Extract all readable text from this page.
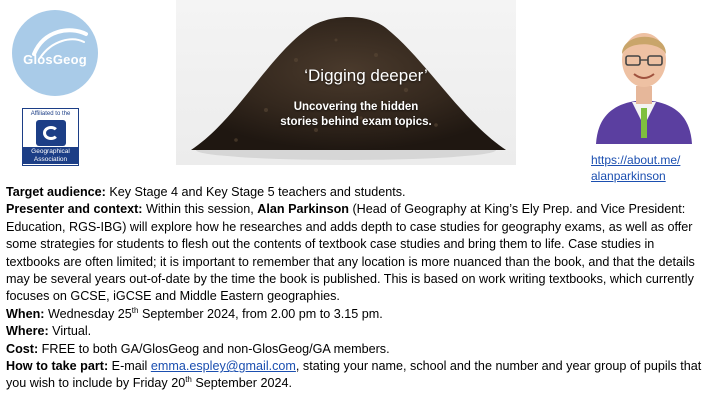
GlosGeog
Affiliated to the
Geographical
Association
‘Digging deeper’
Uncovering the hidden
stories behind exam topics.
https://about.me/
alanparkinson

Target audience: Key Stage 4 and Key Stage 5 teachers and students.

Presenter and context: Within this session, Alan Parkinson (Head of Geography at King’s Ely Prep. and Vice President: Education, RGS-IBG) will explore how he researches and adds depth to case studies for geography exams, as well as offer some strategies for students to flesh out the contents of textbook case studies and bring them to life. Case studies in textbooks are often limited; it is important to remember that any location is more nuanced than the book, and that the details may be several years out-of-date by the time the book is published. This is based on work writing textbooks, which currently focuses on GCSE, iGCSE and Middle Eastern geographies.

When: Wednesday 25th September 2024, from 2.00 pm to 3.15 pm.

Where: Virtual.

Cost: FREE to both GA/GlosGeog and non-GlosGeog/GA members.

How to take part: E-mail emma.espley@gmail.com, stating your name, school and the number and year group of pupils that you wish to include by Friday 20th September 2024.
